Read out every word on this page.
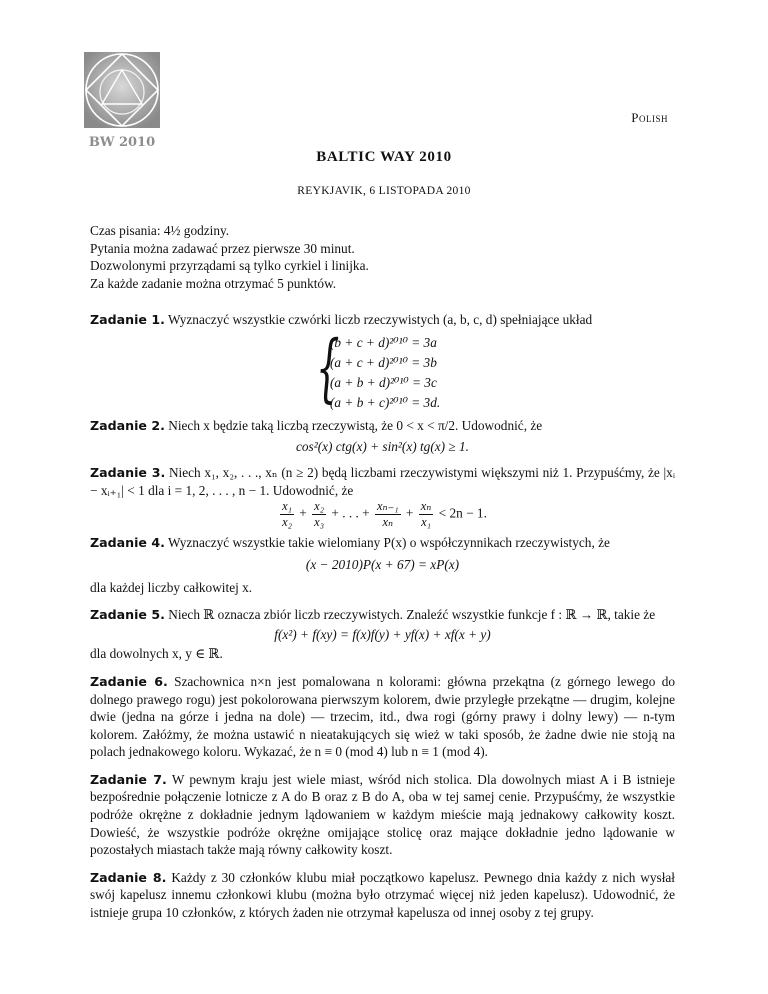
BW 2010
Polish
BALTIC WAY 2010
REYKJAVIK, 6 LISTOPADA 2010

Czas pisania: 4½ godziny.

Pytania można zadawać przez pierwsze 30 minut.

Dozwolonymi przyrządami są tylko cyrkiel i linijka.

Za każde zadanie można otrzymać 5 punktów.

Zadanie 1. Wyznaczyć wszystkie czwórki liczb rzeczywistych (a, b, c, d) spełniające układ

{
(b + c + d)²⁰¹⁰ = 3a
(a + c + d)²⁰¹⁰ = 3b
(a + b + d)²⁰¹⁰ = 3c
(a + b + c)²⁰¹⁰ = 3d.

Zadanie 2. Niech x będzie taką liczbą rzeczywistą, że 0 < x < π/2. Udowodnić, że

cos²(x) ctg(x) + sin²(x) tg(x) ≥ 1.

Zadanie 3. Niech x₁, x₂, . . ., xₙ (n ≥ 2) będą liczbami rzeczywistymi większymi niż 1. Przypuśćmy, że |xᵢ − xᵢ₊₁| < 1 dla i = 1, 2, . . . , n − 1. Udowodnić, że

$\frac{\text{x₁}}{\text{x₂}} + \frac{\text{x₂}}{\text{x₃}}$ + . . . + $\frac{\text{xₙ₋₁}}{\text{xₙ}} + \frac{\text{xₙ}}{\text{x₁}} < 2n - 1$.

Zadanie 4. Wyznaczyć wszystkie takie wielomiany P(x) o współczynnikach rzeczywistych, że

(x − 2010)P(x + 67) = xP(x)

dla każdej liczby całkowitej x.

Zadanie 5. Niech ℝ oznacza zbiór liczb rzeczywistych. Znaleźć wszystkie funkcje f : ℝ → ℝ, takie że

f(x²) + f(xy) = f(x)f(y) + yf(x) + xf(x + y)

dla dowolnych x, y ∈ ℝ.

Zadanie 6. Szachownica n×n jest pomalowana n kolorami: główna przekątna (z górnego lewego do dolnego prawego rogu) jest pokolorowana pierwszym kolorem, dwie przyległe przekątne — drugim, kolejne dwie (jedna na górze i jedna na dole) — trzecim, itd., dwa rogi (górny prawy i dolny lewy) — n-tym kolorem. Załóżmy, że można ustawić n nieatakujących się wież w taki sposób, że żadne dwie nie stoją na polach jednakowego koloru. Wykazać, że n ≡ 0 (mod 4) lub n ≡ 1 (mod 4).

Zadanie 7. W pewnym kraju jest wiele miast, wśród nich stolica. Dla dowolnych miast A i B istnieje bezpośrednie połączenie lotnicze z A do B oraz z B do A, oba w tej samej cenie. Przypuśćmy, że wszystkie podróże okrężne z dokładnie jednym lądowaniem w każdym mieście mają jednakowy całkowity koszt. Dowieść, że wszystkie podróże okrężne omijające stolicę oraz mające dokładnie jedno lądowanie w pozostałych miastach także mają równy całkowity koszt.

Zadanie 8. Każdy z 30 członków klubu miał początkowo kapelusz. Pewnego dnia każdy z nich wysłał swój kapelusz innemu członkowi klubu (można było otrzymać więcej niż jeden kapelusz). Udowodnić, że istnieje grupa 10 członków, z których żaden nie otrzymał kapelusza od innej osoby z tej grupy.
